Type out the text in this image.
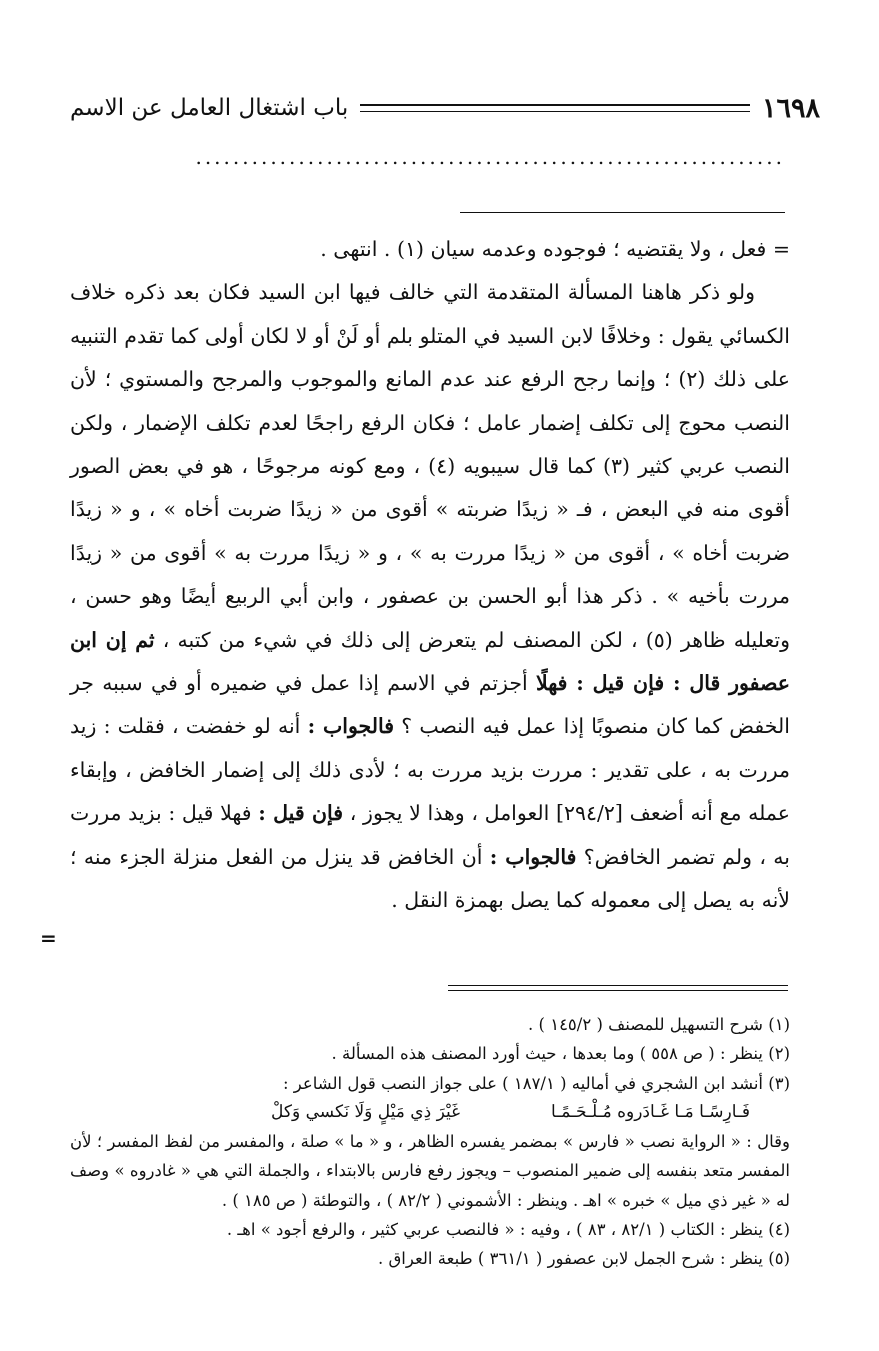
١٦٩٨
باب اشتغال العامل عن الاسم
...............................................................

= فعل ، ولا يقتضيه ؛ فوجوده وعدمه سيان (١) . انتهى .

ولو ذكر هاهنا المسألة المتقدمة التي خالف فيها ابن السيد فكان بعد ذكره خلاف الكسائي يقول : وخلافًا لابن السيد في المتلو بلم أو لَنْ أو لا لكان أولى كما تقدم التنبيه على ذلك (٢) ؛ وإنما رجح الرفع عند عدم المانع والموجوب والمرجح والمستوي ؛ لأن النصب محوج إلى تكلف إضمار عامل ؛ فكان الرفع راجحًا لعدم تكلف الإضمار ، ولكن النصب عربي كثير (٣) كما قال سيبويه (٤) ، ومع كونه مرجوحًا ، هو في بعض الصور أقوى منه في البعض ، فـ « زيدًا ضربته » أقوى من « زيدًا ضربت أخاه » ، و « زيدًا ضربت أخاه » ، أقوى من « زيدًا مررت به » ، و « زيدًا مررت به » أقوى من « زيدًا مررت بأخيه » . ذكر هذا أبو الحسن بن عصفور ، وابن أبي الربيع أيضًا وهو حسن ، وتعليله ظاهر (٥) ، لكن المصنف لم يتعرض إلى ذلك في شيء من كتبه ، ثم إن ابن عصفور قال : فإن قيل : فهلًا أجزتم في الاسم إذا عمل في ضميره أو في سببه جر الخفض كما كان منصوبًا إذا عمل فيه النصب ؟ فالجواب : أنه لو خفضت ، فقلت : زيد مررت به ، على تقدير : مررت بزيد مررت به ؛ لأدى ذلك إلى إضمار الخافض ، وإبقاء عمله مع أنه أضعف [٢٩٤/٢] العوامل ، وهذا لا يجوز ، فإن قيل : فهلا قيل : بزيد مررت به ، ولم تضمر الخافض؟ فالجواب : أن الخافض قد ينزل من الفعل منزلة الجزء منه ؛ لأنه به يصل إلى معموله كما يصل بهمزة النقل .

=

(١) شرح التسهيل للمصنف ( ١٤٥/٢ ) .

(٢) ينظر : ( ص ٥٥٨ ) وما بعدها ، حيث أورد المصنف هذه المسألة .

(٣) أنشد ابن الشجري في أماليه ( ١٨٧/١ ) على جواز النصب قول الشاعر :

فَـارِسًـا مَـا غَـادَروه مُـلْـحَـمًـا
غَيْرَ ذِي مَيْلٍ وَلَا نَكسي وَكلْ

وقال : « الرواية نصب « فارس » بمضمر يفسره الظاهر ، و « ما » صلة ، والمفسر من لفظ المفسر ؛ لأن المفسر متعد بنفسه إلى ضمير المنصوب – ويجوز رفع فارس بالابتداء ، والجملة التي هي « غادروه » وصف له « غير ذي ميل » خبره » اهـ . وينظر : الأشموني ( ٨٢/٢ ) ، والتوطئة ( ص ١٨٥ ) .

(٤) ينظر : الكتاب ( ٨٢/١ ، ٨٣ ) ، وفيه : « فالنصب عربي كثير ، والرفع أجود » اهـ .

(٥) ينظر : شرح الجمل لابن عصفور ( ٣٦١/١ ) طبعة العراق .
